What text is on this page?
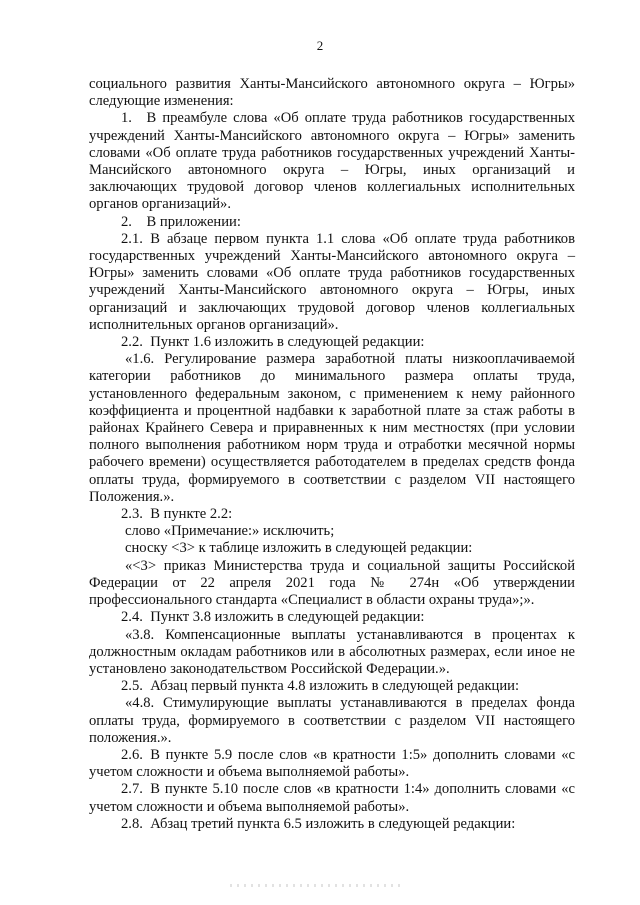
2

социального развития Ханты-Мансийского автономного округа – Югры» следующие изменения:

1. В преамбуле слова «Об оплате труда работников государственных учреждений Ханты-Мансийского автономного округа – Югры» заменить словами «Об оплате труда работников государственных учреждений Ханты-Мансийского автономного округа – Югры, иных организаций и заключающих трудовой договор членов коллегиальных исполнительных органов организаций».

2. В приложении:

2.1. В абзаце первом пункта 1.1 слова «Об оплате труда работников государственных учреждений Ханты-Мансийского автономного округа – Югры» заменить словами «Об оплате труда работников государственных учреждений Ханты-Мансийского автономного округа – Югры, иных организаций и заключающих трудовой договор членов коллегиальных исполнительных органов организаций».

2.2. Пункт 1.6 изложить в следующей редакции:

«1.6. Регулирование размера заработной платы низкооплачиваемой категории работников до минимального размера оплаты труда, установленного федеральным законом, с применением к нему районного коэффициента и процентной надбавки к заработной плате за стаж работы в районах Крайнего Севера и приравненных к ним местностях (при условии полного выполнения работником норм труда и отработки месячной нормы рабочего времени) осуществляется работодателем в пределах средств фонда оплаты труда, формируемого в соответствии с разделом VII настоящего Положения.».

2.3. В пункте 2.2:

слово «Примечание:» исключить;

сноску <3> к таблице изложить в следующей редакции:

«<3> приказ Министерства труда и социальной защиты Российской Федерации от 22 апреля 2021 года № 274н «Об утверждении профессионального стандарта «Специалист в области охраны труда»;».

2.4. Пункт 3.8 изложить в следующей редакции:

«3.8. Компенсационные выплаты устанавливаются в процентах к должностным окладам работников или в абсолютных размерах, если иное не установлено законодательством Российской Федерации.».

2.5. Абзац первый пункта 4.8 изложить в следующей редакции:

«4.8. Стимулирующие выплаты устанавливаются в пределах фонда оплаты труда, формируемого в соответствии с разделом VII настоящего положения.».

2.6. В пункте 5.9 после слов «в кратности 1:5» дополнить словами «с учетом сложности и объема выполняемой работы».

2.7. В пункте 5.10 после слов «в кратности 1:4» дополнить словами «с учетом сложности и объема выполняемой работы».

2.8. Абзац третий пункта 6.5 изложить в следующей редакции:
